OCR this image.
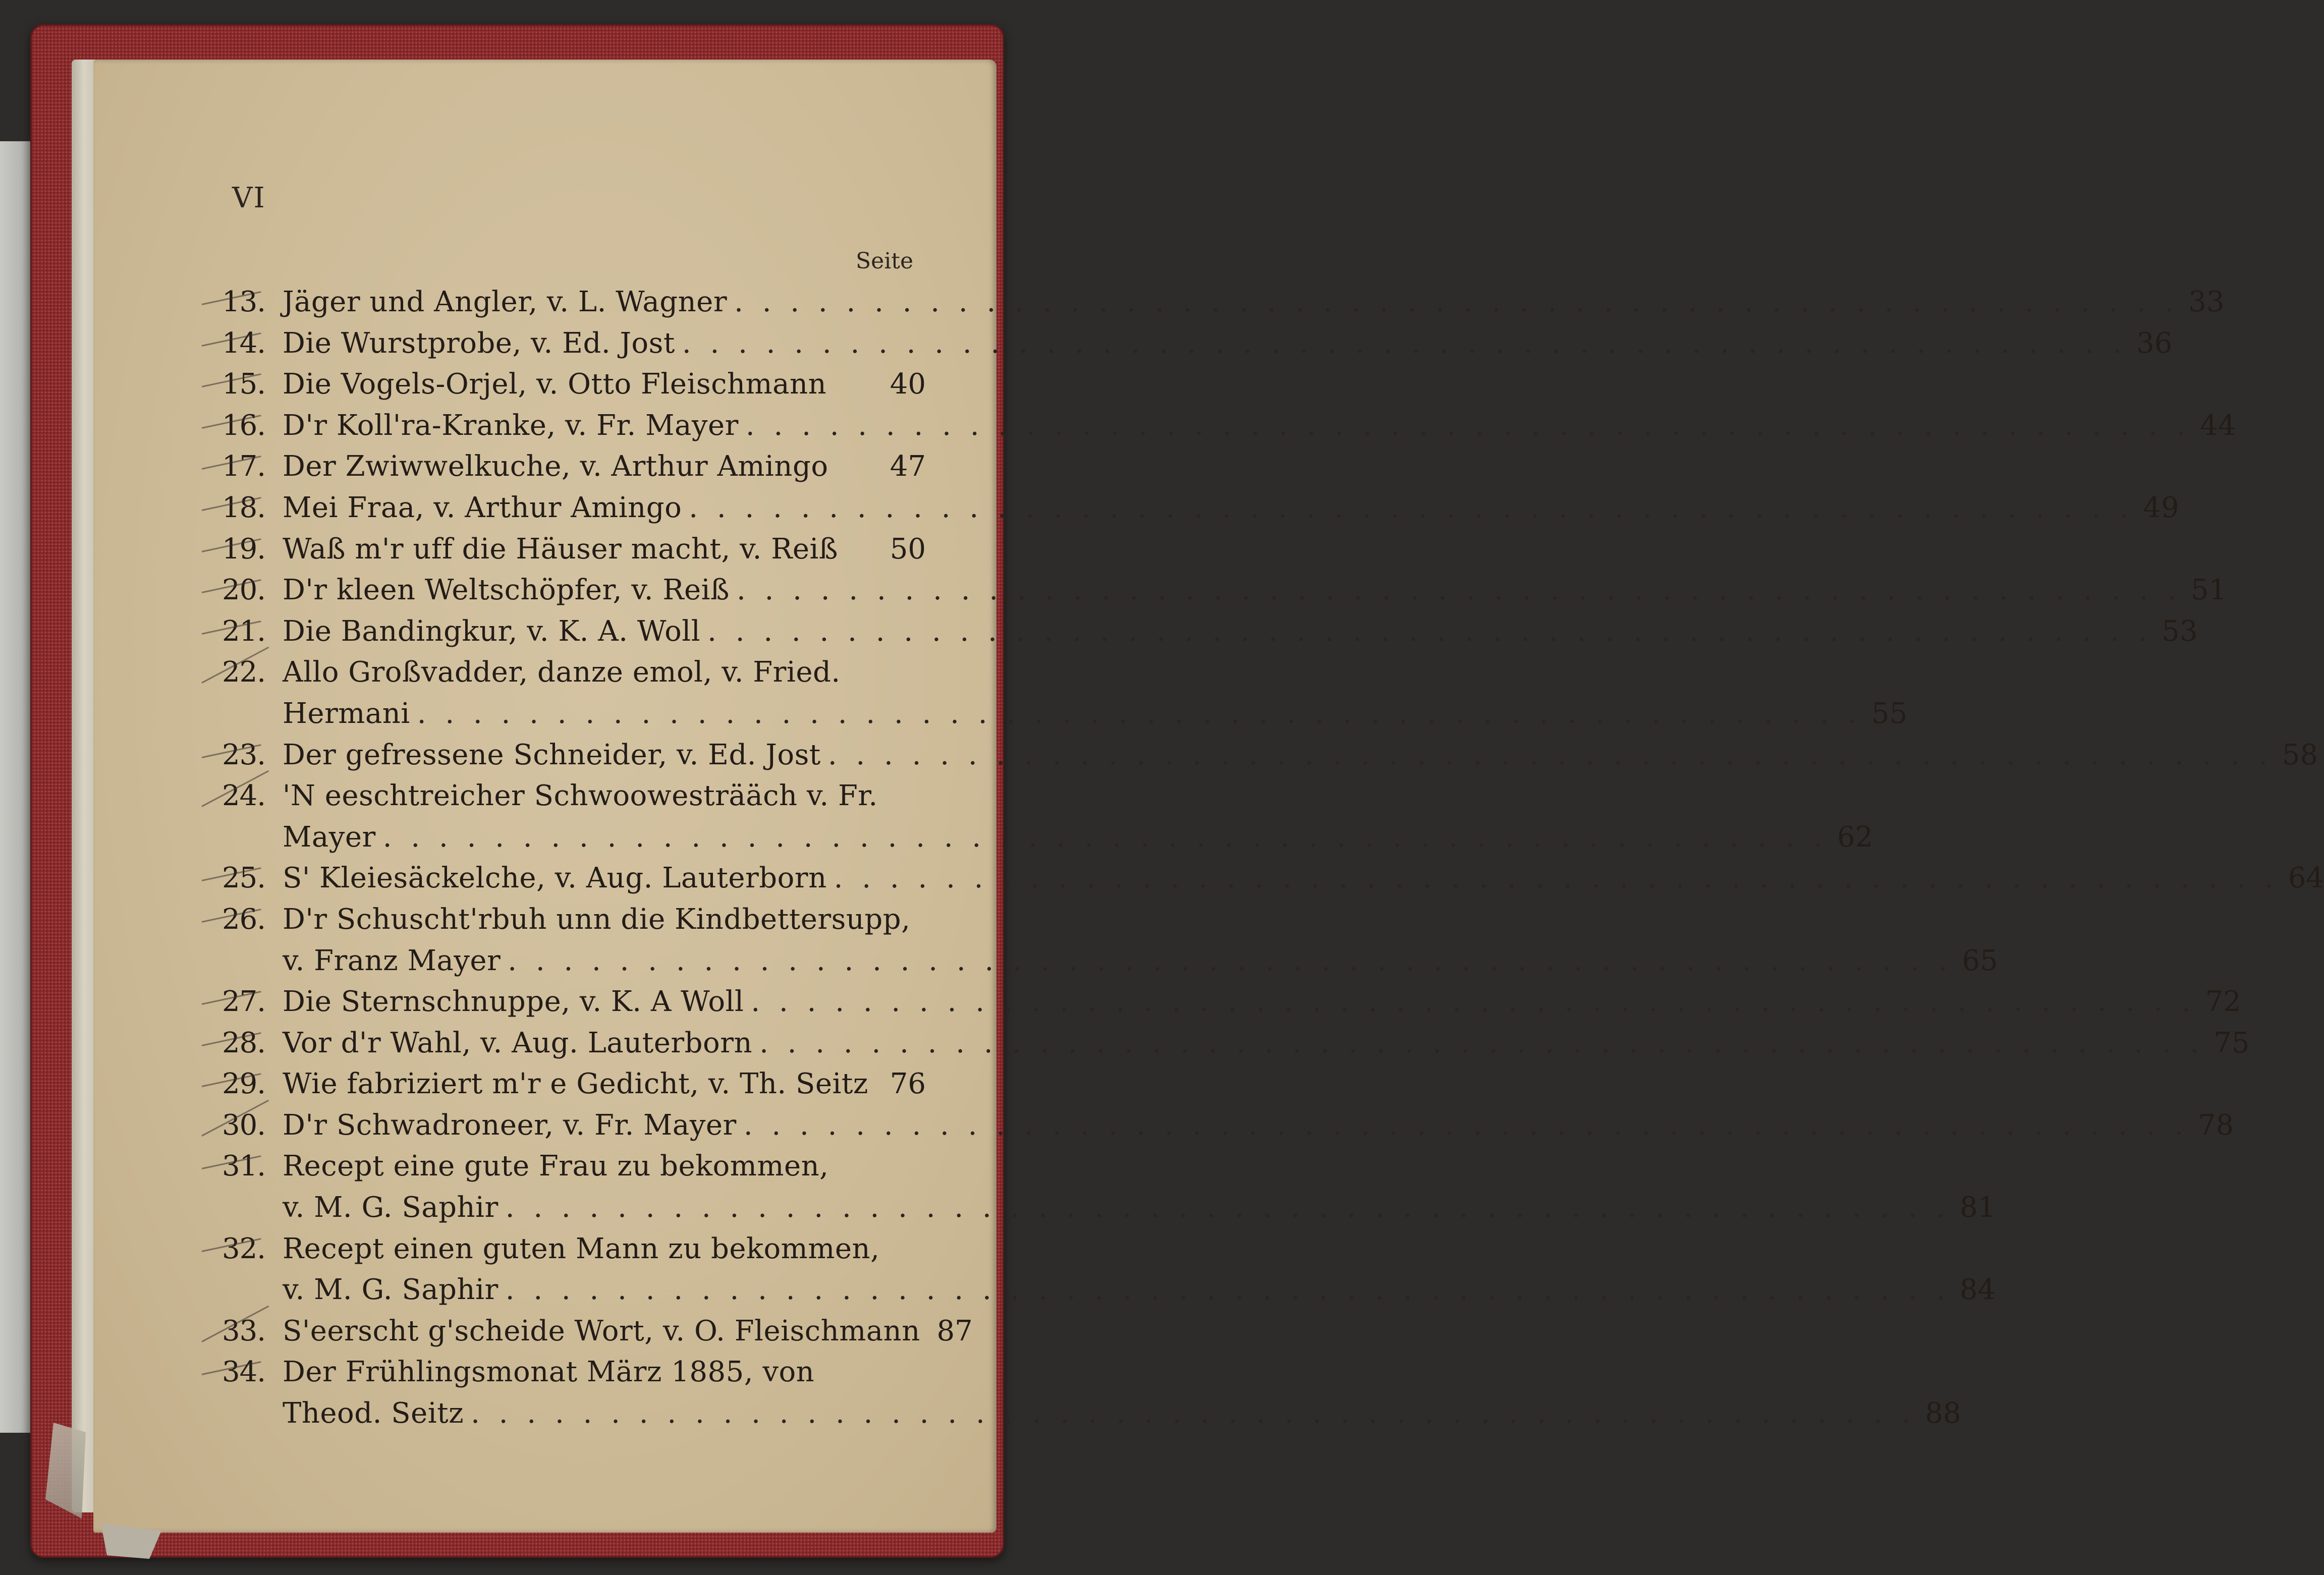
VI
Seite
13. Jäger und Angler, v. L. Wagner . . .	33
14. Die Wurstprobe, v. Ed. Jost . . .	36
15. Die Vogels-Orjel, v. Otto Fleischmann	40
16. D'r Koll'ra-Kranke, v. Fr. Mayer . . .	44
17. Der Zwiwwelkuche, v. Arthur Amingo	47
18. Mei Fraa, v. Arthur Amingo . . .	49
19. Waß m'r uff die Häuser macht, v. Reiß	50
20. D'r kleen Weltschöpfer, v. Reiß . . .	51
21. Die Bandingkur, v. K. A. Woll . . .	53
22. Allo Großvadder, danze emol, v. Fried.
Hermani . . .	55
23. Der gefressene Schneider, v. Ed. Jost . . .	58
24. 'N eeschtreicher Schwoowesträäch v. Fr.
Mayer . . .	62
25. S' Kleiesäckelche, v. Aug. Lauterborn . . .	64
26. D'r Schuscht'rbuh unn die Kindbettersupp,
v. Franz Mayer . . .	65
27. Die Sternschnuppe, v. K. A Woll . . .	72
28. Vor d'r Wahl, v. Aug. Lauterborn . . .	75
29. Wie fabriziert m'r e Gedicht, v. Th. Seitz 76
30. D'r Schwadroneer, v. Fr. Mayer . . .	78
31. Recept eine gute Frau zu bekommen,
v. M. G. Saphir . . .	81
32. Recept einen guten Mann zu bekommen,
v. M. G. Saphir . . .	84
33. S'eerscht g'scheide Wort, v. O. Fleischmann 87
34. Der Frühlingsmonat März 1885, von
Theod. Seitz . . .	88
